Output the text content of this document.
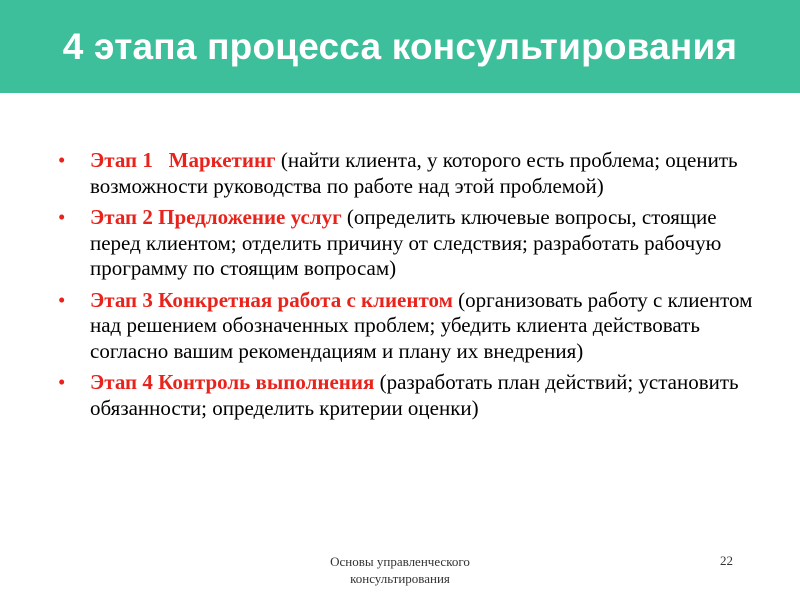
4 этапа процесса консультирования
• Этап 1   Маркетинг (найти клиента, у которого есть проблема; оценить возможности руководства по работе над этой проблемой)
• Этап 2 Предложение услуг (определить ключевые вопросы, стоящие перед клиентом; отделить причину от следствия; разработать рабочую программу по стоящим вопросам)
• Этап 3 Конкретная работа с клиентом (организовать работу с клиентом над решением обозначенных проблем; убедить клиента действовать согласно вашим рекомендациям и плану их внедрения)
• Этап 4 Контроль выполнения (разработать план действий; установить обязанности; определить критерии оценки)
Основы управленческого
консультирования
22
